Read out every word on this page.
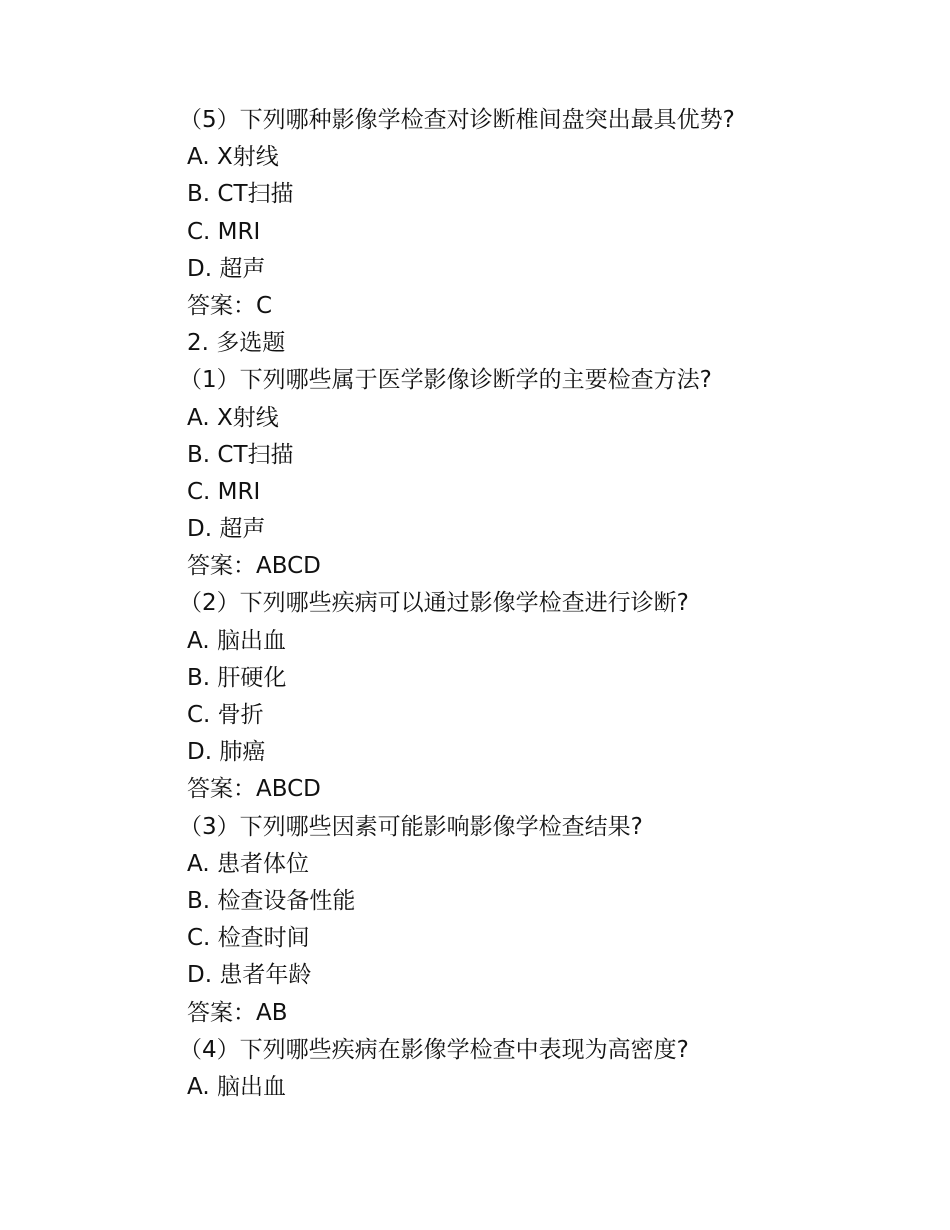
（5）下列哪种影像学检查对诊断椎间盘突出最具优势?
A. X射线
B. CT扫描
C. MRI
D. 超声
答案：C
2. 多选题
（1）下列哪些属于医学影像诊断学的主要检查方法?
A. X射线
B. CT扫描
C. MRI
D. 超声
答案：ABCD
（2）下列哪些疾病可以通过影像学检查进行诊断?
A. 脑出血
B. 肝硬化
C. 骨折
D. 肺癌
答案：ABCD
（3）下列哪些因素可能影响影像学检查结果?
A. 患者体位
B. 检查设备性能
C. 检查时间
D. 患者年龄
答案：AB
（4）下列哪些疾病在影像学检查中表现为高密度?
A. 脑出血
